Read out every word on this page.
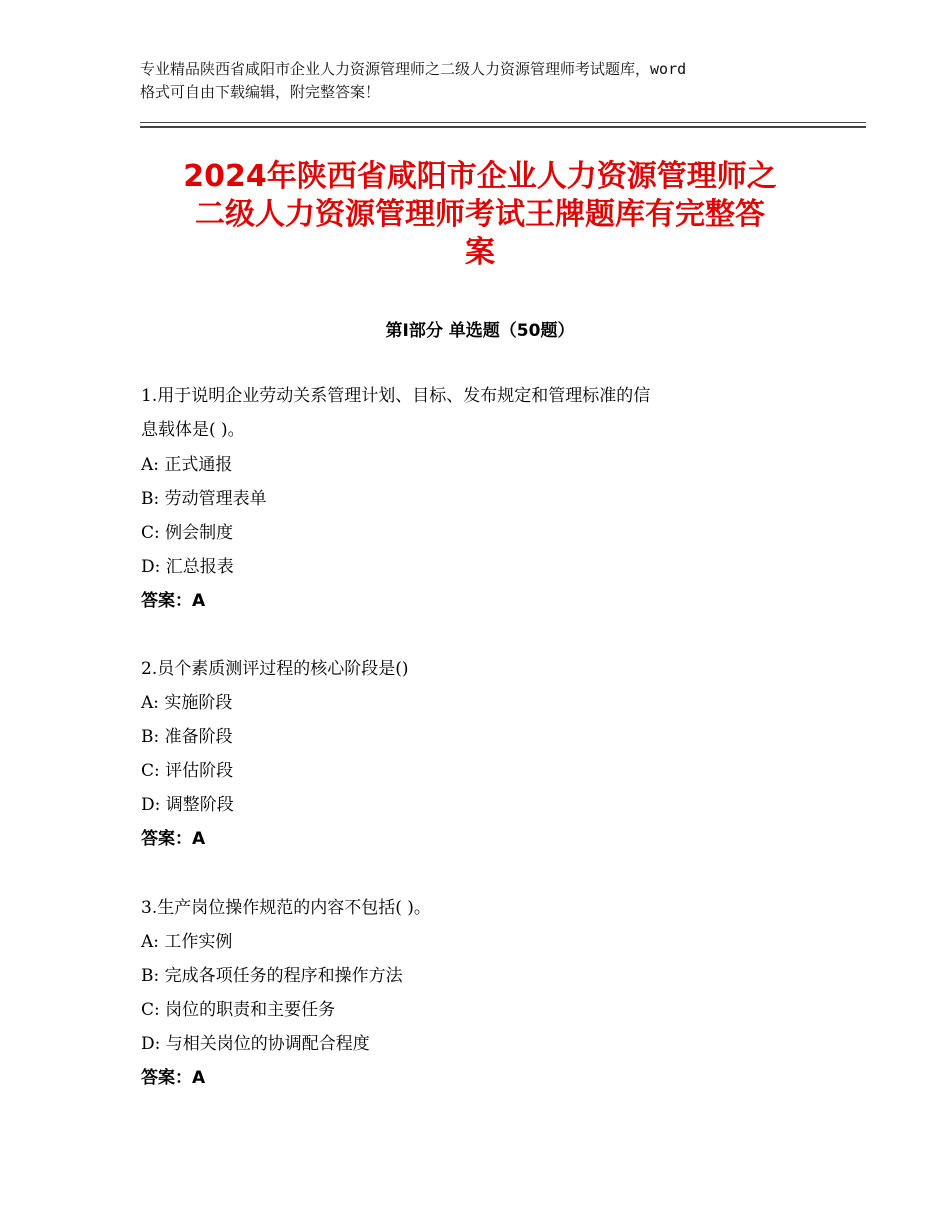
专业精品陕西省咸阳市企业人力资源管理师之二级人力资源管理师考试题库，word
格式可自由下载编辑，附完整答案！
2024年陕西省咸阳市企业人力资源管理师之
二级人力资源管理师考试王牌题库有完整答
案
第Ⅰ部分 单选题（50题）
1.用于说明企业劳动关系管理计划、目标、发布规定和管理标准的信
息载体是( )。
A: 正式通报
B: 劳动管理表单
C: 例会制度
D: 汇总报表
答案：A
2.员个素质测评过程的核心阶段是()
A: 实施阶段
B: 准备阶段
C: 评估阶段
D: 调整阶段
答案：A
3.生产岗位操作规范的内容不包括( )。
A: 工作实例
B: 完成各项任务的程序和操作方法
C: 岗位的职责和主要任务
D: 与相关岗位的协调配合程度
答案：A
